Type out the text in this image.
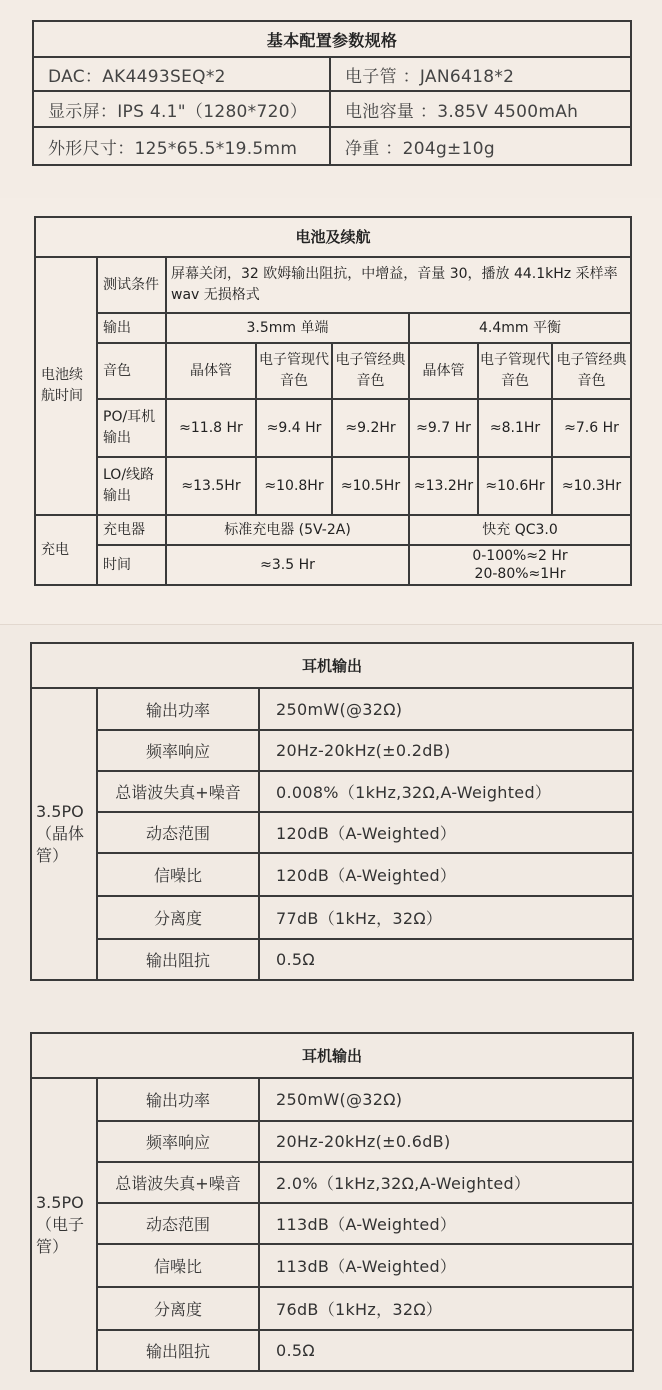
基本配置参数规格	
DAC：AK4493SEQ*2	电子管 ：JAN6418*2
显示屏：IPS 4.1"（1280*720）	电池容量 ：3.85V 4500mAh
外形尺寸：125*65.5*19.5mm	净重 ：204g±10g
电池及续航							
电池续航时间	测试条件	屏幕关闭，32 欧姆输出阻抗，中增益，音量 30，播放 44.1kHz 采样率 wav 无损格式					
	输出	3.5mm 单端			4.4mm 平衡		
	音色	晶体管	电子管现代音色	电子管经典音色	晶体管	电子管现代音色	电子管经典音色
	PO/耳机输出	≈11.8 Hr	≈9.4 Hr	≈9.2Hr	≈9.7 Hr	≈8.1Hr	≈7.6 Hr
	LO/线路输出	≈13.5Hr	≈10.8Hr	≈10.5Hr	≈13.2Hr	≈10.6Hr	≈10.3Hr
充电	充电器	标准充电器 (5V-2A)			快充 QC3.0		
	时间	≈3.5 Hr			0-100%≈2 Hr
20-80%≈1Hr		
耳机输出		
3.5PO（晶体管）	输出功率	250mW(@32Ω)
	频率响应	20Hz-20kHz(±0.2dB)
	总谐波失真+噪音	0.008%（1kHz,32Ω,A-Weighted）
	动态范围	120dB（A-Weighted）
	信噪比	120dB（A-Weighted）
	分离度	77dB（1kHz，32Ω）
	输出阻抗	0.5Ω
耳机输出		
3.5PO（电子管）	输出功率	250mW(@32Ω)
	频率响应	20Hz-20kHz(±0.6dB)
	总谐波失真+噪音	2.0%（1kHz,32Ω,A-Weighted）
	动态范围	113dB（A-Weighted）
	信噪比	113dB（A-Weighted）
	分离度	76dB（1kHz，32Ω）
	输出阻抗	0.5Ω
